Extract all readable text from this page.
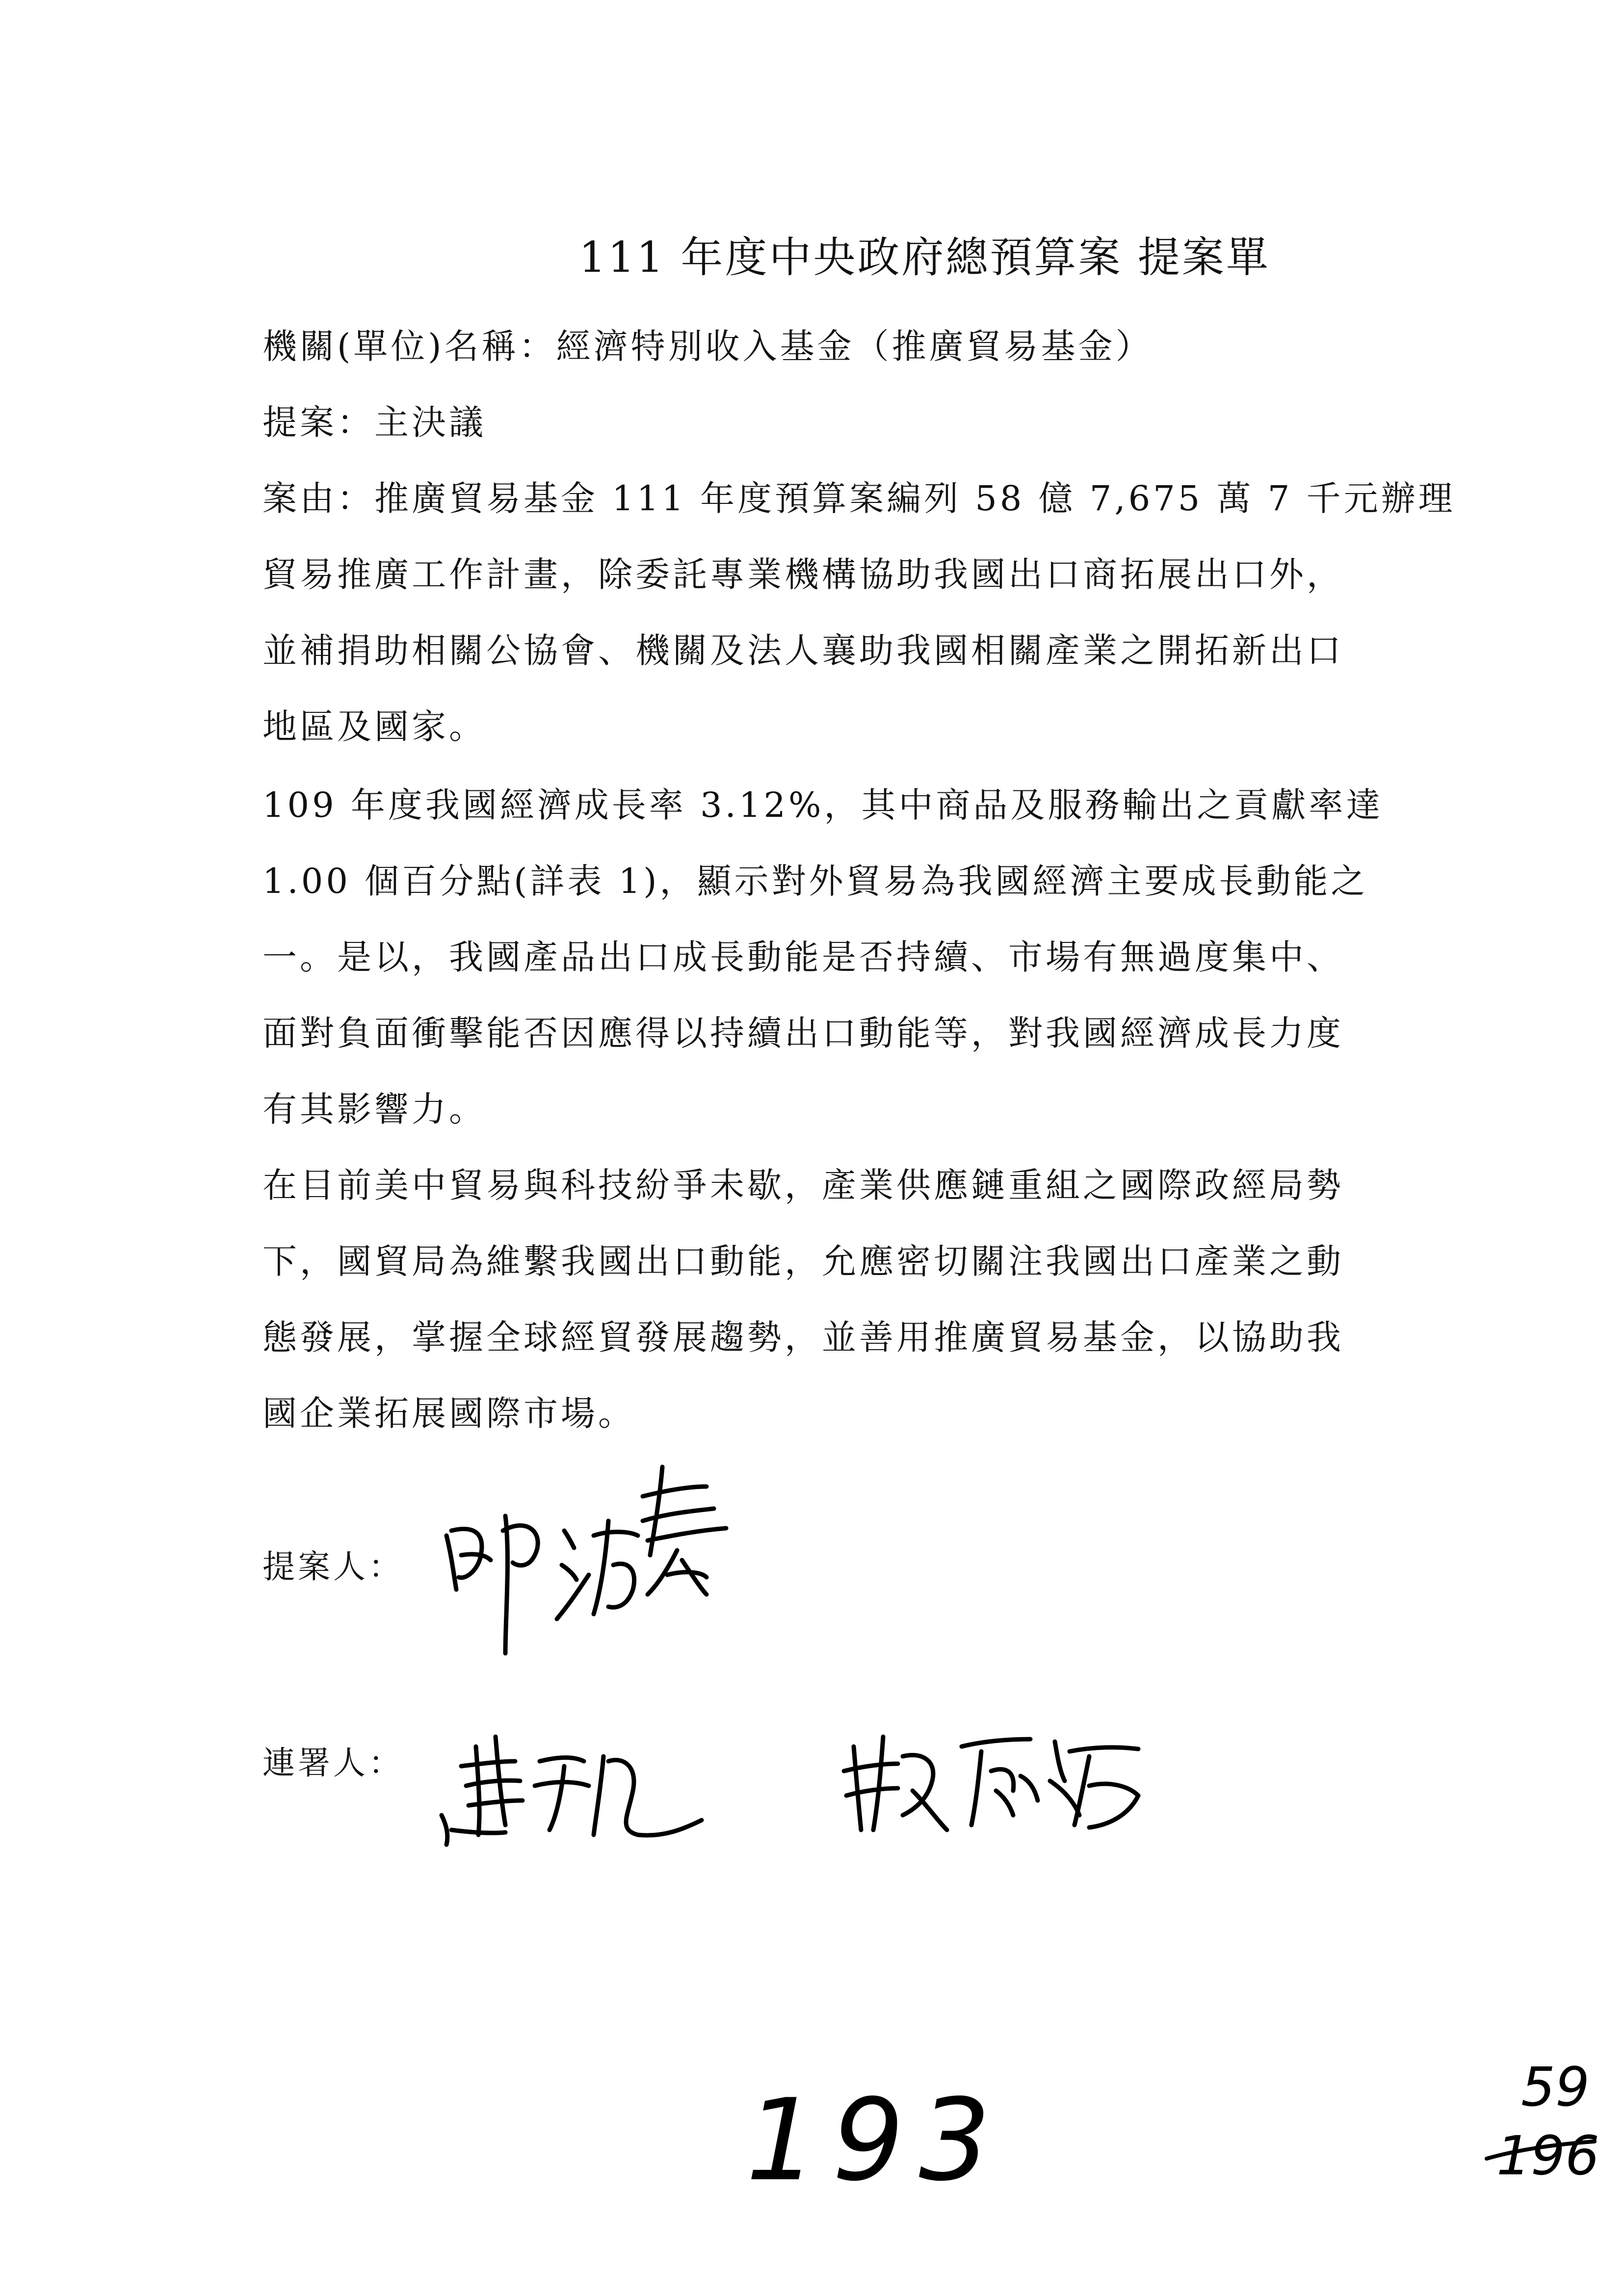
111 年度中央政府總預算案 提案單
機關(單位)名稱：經濟特別收入基金（推廣貿易基金）
提案：主決議
案由：推廣貿易基金 111 年度預算案編列 58 億 7,675 萬 7 千元辦理
貿易推廣工作計畫，除委託專業機構協助我國出口商拓展出口外，
並補捐助相關公協會、機關及法人襄助我國相關產業之開拓新出口
地區及國家。
109 年度我國經濟成長率 3.12%，其中商品及服務輸出之貢獻率達
1.00 個百分點(詳表 1)，顯示對外貿易為我國經濟主要成長動能之
一。是以，我國產品出口成長動能是否持續、市場有無過度集中、
面對負面衝擊能否因應得以持續出口動能等，對我國經濟成長力度
有其影響力。
在目前美中貿易與科技紛爭未歇，產業供應鏈重組之國際政經局勢
下，國貿局為維繫我國出口動能，允應密切關注我國出口產業之動
態發展，掌握全球經貿發展趨勢，並善用推廣貿易基金，以協助我
國企業拓展國際市場。
提案人：
連署人：
193	59
196
